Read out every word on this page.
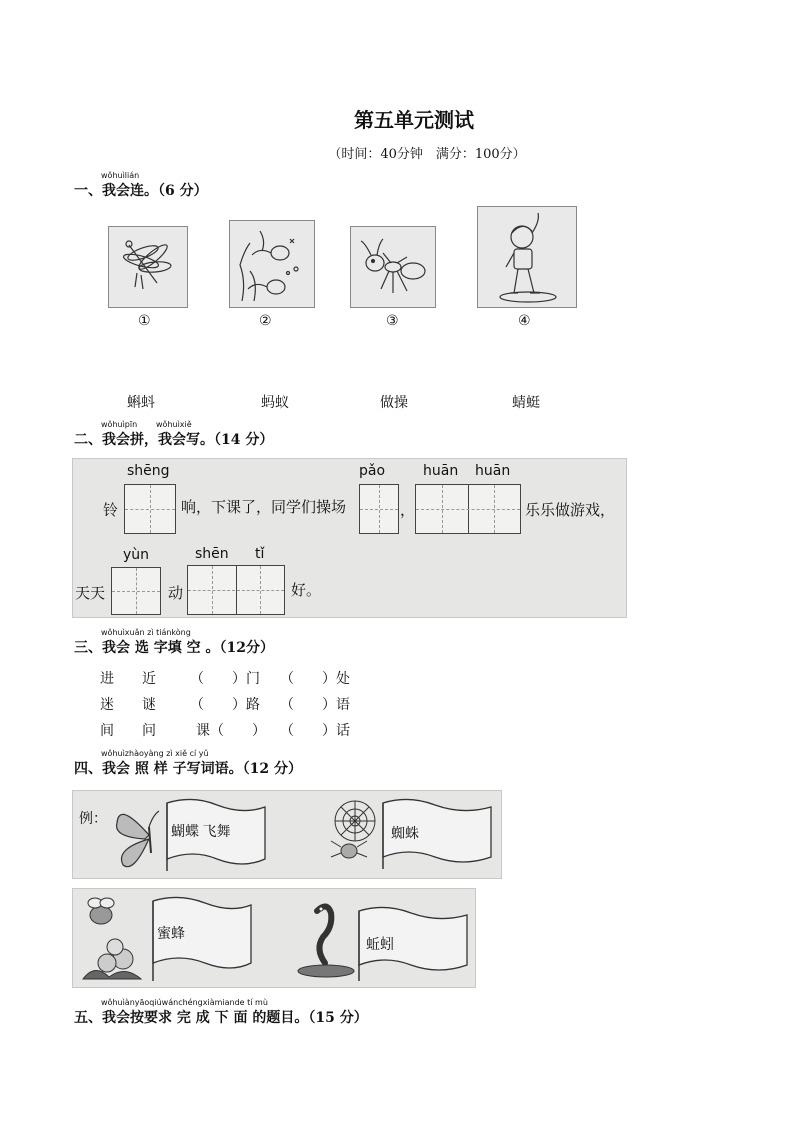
第五单元测试
（时间：40分钟　满分：100分）
wǒhuìlián
一、我会连。（6 分）
①	②	③	④
蝌蚪	蚂蚁	做操	蜻蜓
wǒhuìpīn wǒhuìxiě
二、我会拼，我会写。（14 分）
铃
shēng
响，下课了，同学们操场
pǎo
，
huān huān
乐乐做游戏，
天天
yùn
动
shēn tǐ
好。
wǒhuìxuǎn zì tiánkòng
三、我会 选 字填 空 。（12分）
进 近 （　　）门 （　　）处
迷 谜 （　　）路 （　　）语
间 问	课（　　） （　　）话
wǒhuìzhàoyàng zì xiě cí yǔ
四、我会 照 样 子写词语。（12 分）
例：
蝴蝶 飞舞	蜘蛛
蜜蜂
蚯蚓
wǒhuìànyāoqiúwánchéngxiàmiande tí mù
五、我会按要求 完 成 下 面 的题目。（15 分）
